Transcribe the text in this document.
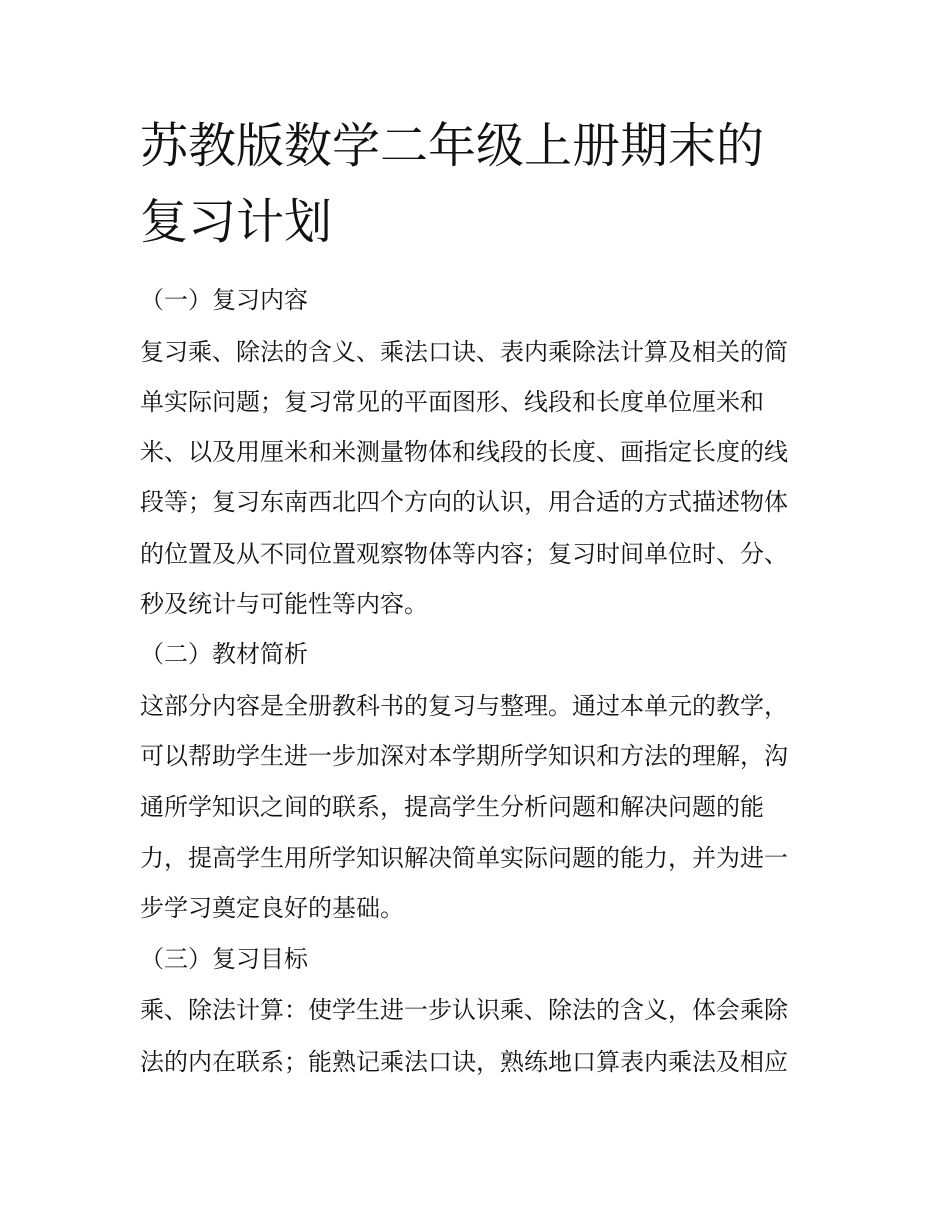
苏教版数学二年级上册期末的
复习计划
（一）复习内容
复习乘、除法的含义、乘法口诀、表内乘除法计算及相关的简
单实际问题；复习常见的平面图形、线段和长度单位厘米和
米、以及用厘米和米测量物体和线段的长度、画指定长度的线
段等；复习东南西北四个方向的认识，用合适的方式描述物体
的位置及从不同位置观察物体等内容；复习时间单位时、分、
秒及统计与可能性等内容。
（二）教材简析
这部分内容是全册教科书的复习与整理。通过本单元的教学，
可以帮助学生进一步加深对本学期所学知识和方法的理解，沟
通所学知识之间的联系，提高学生分析问题和解决问题的能
力，提高学生用所学知识解决简单实际问题的能力，并为进一
步学习奠定良好的基础。
（三）复习目标
乘、除法计算：使学生进一步认识乘、除法的含义，体会乘除
法的内在联系；能熟记乘法口诀，熟练地口算表内乘法及相应
